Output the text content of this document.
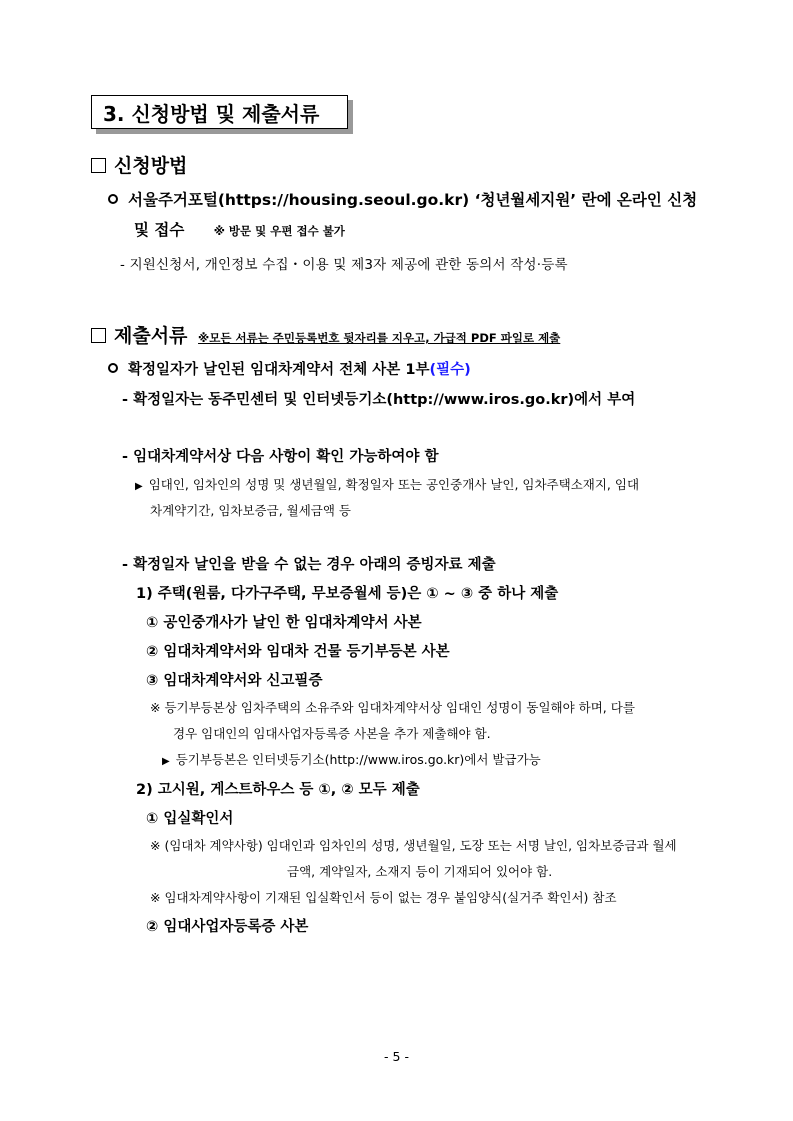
3. 신청방법 및 제출서류
신청방법
서울주거포털(https://housing.seoul.go.kr) ‘청년월세지원’ 란에 온라인 신청
및 접수	※ 방문 및 우편 접수 불가
- 지원신청서, 개인정보 수집・이용 및 제3자 제공에 관한 동의서 작성·등록
제출서류 ※모든 서류는 주민등록번호 뒷자리를 지우고, 가급적 PDF 파일로 제출
확정일자가 날인된 임대차계약서 전체 사본 1부(필수)
- 확정일자는 동주민센터 및 인터넷등기소(http://www.iros.go.kr)에서 부여
- 임대차계약서상 다음 사항이 확인 가능하여야 함
▶ 임대인, 임차인의 성명 및 생년월일, 확정일자 또는 공인중개사 날인, 임차주택소재지, 임대
차계약기간, 임차보증금, 월세금액 등
- 확정일자 날인을 받을 수 없는 경우 아래의 증빙자료 제출
1) 주택(원룸, 다가구주택, 무보증월세 등)은 ① ~ ③ 중 하나 제출
① 공인중개사가 날인 한 임대차계약서 사본
② 임대차계약서와 임대차 건물 등기부등본 사본
③ 임대차계약서와 신고필증
※ 등기부등본상 임차주택의 소유주와 임대차계약서상 임대인 성명이 동일해야 하며, 다를
경우 임대인의 임대사업자등록증 사본을 추가 제출해야 함.
▶ 등기부등본은 인터넷등기소(http://www.iros.go.kr)에서 발급가능
2) 고시원, 게스트하우스 등 ①, ② 모두 제출
① 입실확인서
※ (임대차 계약사항) 임대인과 임차인의 성명, 생년월일, 도장 또는 서명 날인, 임차보증금과 월세
금액, 계약일자, 소재지 등이 기재되어 있어야 함.
※ 임대차계약사항이 기재된 입실확인서 등이 없는 경우 붙임양식(실거주 확인서) 참조
② 임대사업자등록증 사본
- 5 -
